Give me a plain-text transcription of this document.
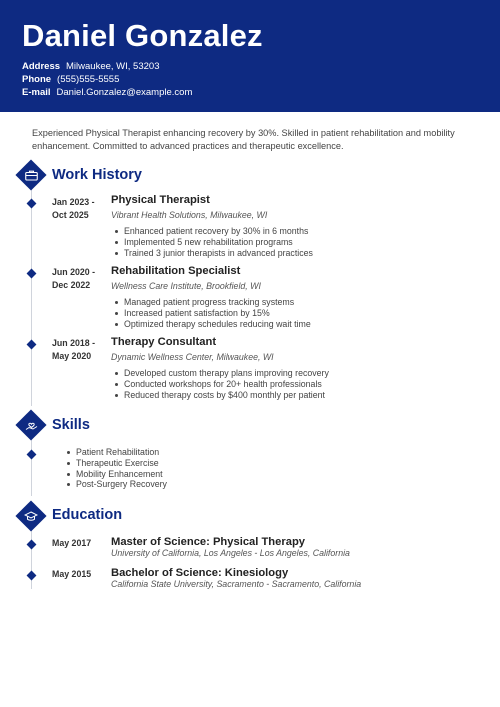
Daniel Gonzalez
Address Milwaukee, WI, 53203
Phone (555)555-5555
E-mail Daniel.Gonzalez@example.com
Experienced Physical Therapist enhancing recovery by 30%. Skilled in patient rehabilitation and mobility enhancement. Committed to advanced practices and therapeutic excellence.
Work History
Jan 2023 -
Oct 2025
Physical Therapist
Vibrant Health Solutions, Milwaukee, WI
Enhanced patient recovery by 30% in 6 months
Implemented 5 new rehabilitation programs
Trained 3 junior therapists in advanced practices
Jun 2020 -
Dec 2022
Rehabilitation Specialist
Wellness Care Institute, Brookfield, WI
Managed patient progress tracking systems
Increased patient satisfaction by 15%
Optimized therapy schedules reducing wait time
Jun 2018 -
May 2020
Therapy Consultant
Dynamic Wellness Center, Milwaukee, WI
Developed custom therapy plans improving recovery
Conducted workshops for 20+ health professionals
Reduced therapy costs by $400 monthly per patient
Skills
Patient Rehabilitation
Therapeutic Exercise
Mobility Enhancement
Post-Surgery Recovery
Education
May 2017 Master of Science: Physical Therapy
University of California, Los Angeles - Los Angeles, California
May 2015 Bachelor of Science: Kinesiology
California State University, Sacramento - Sacramento, California
